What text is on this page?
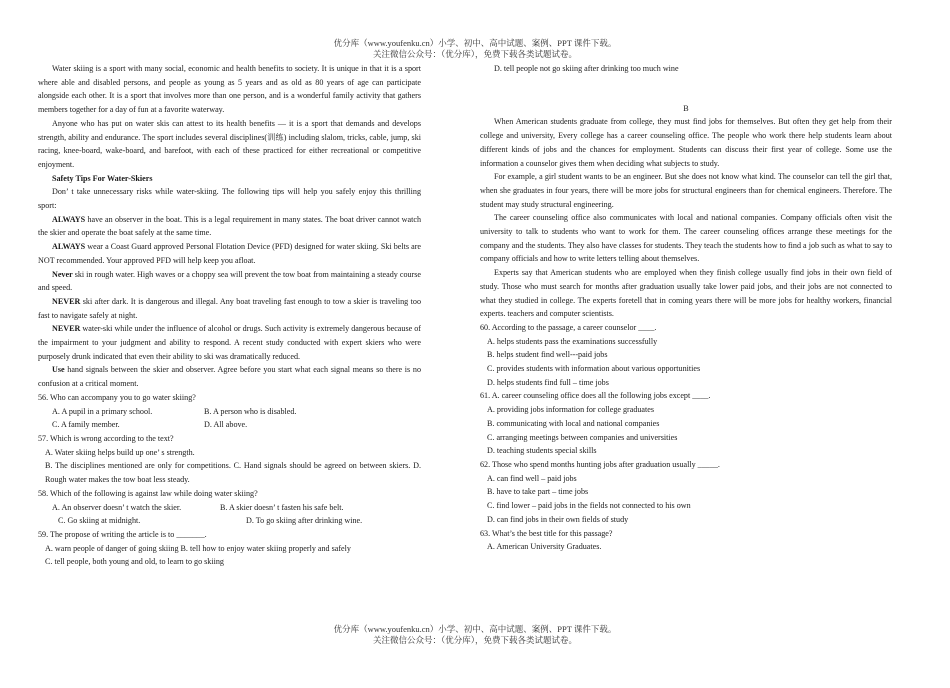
优分库（www.youfenku.cn）小学、初中、高中试题、案例、PPT 课件下载。
关注微信公众号：（优分库），免费下载各类试题试卷。

Water skiing is a sport with many social, economic and health benefits to society. It is unique in that it is a sport where able and disabled persons, and people as young as 5 years and as old as 80 years of age can participate alongside each other. It is a sport that involves more than one person, and is a wonderful family activity that gathers members together for a day of fun at a favorite waterway.

Anyone who has put on water skis can attest to its health benefits — it is a sport that demands and develops strength, ability and endurance. The sport includes several disciplines(训练) including slalom, tricks, cable, jump, ski racing, knee-board, wake-board, and barefoot, with each of these practiced for either recreational or competitive enjoyment.

Safety Tips For Water-Skiers

Don’ t take unnecessary risks while water-skiing. The following tips will help you safely enjoy this thrilling sport:

ALWAYS have an observer in the boat. This is a legal requirement in many states. The boat driver cannot watch the skier and operate the boat safely at the same time.

ALWAYS wear a Coast Guard approved Personal Flotation Device (PFD) designed for water skiing. Ski belts are NOT recommended. Your approved PFD will help keep you afloat.

Never ski in rough water. High waves or a choppy sea will prevent the tow boat from maintaining a steady course and speed.

NEVER ski after dark. It is dangerous and illegal. Any boat traveling fast enough to tow a skier is traveling too fast to navigate safely at night.

NEVER water-ski while under the influence of alcohol or drugs. Such activity is extremely dangerous because of the impairment to your judgment and ability to respond. A recent study conducted with expert skiers who were purposely drunk indicated that even their ability to ski was dramatically reduced.

Use hand signals between the skier and observer. Agree before you start what each signal means so there is no confusion at a critical moment.

56. Who can accompany you to go water skiing?

A. A pupil in a primary school.	B. A person who is disabled.
C. A family member.	D. All above.

57. Which is wrong according to the text?

A. Water skiing helps build up one’ s strength.

B. The disciplines mentioned are only for competitions. C. Hand signals should be agreed on between skiers. D. Rough water makes the tow boat less steady.

58. Which of the following is against law while doing water skiing?

A. An observer doesn’ t watch the skier.	B. A skier doesn’ t fasten his safe belt.
C. Go skiing at midnight.	D. To go skiing after drinking wine.

59. The propose of writing the article is to _______.

A. warn people of danger of going skiing B. tell how to enjoy water skiing properly and safely

C. tell people, both young and old, to learn to go skiing

D. tell people not go skiing after drinking too much wine

B

When American students graduate from college, they must find jobs for themselves. But often they get help from their college and university, Every college has a career counseling office. The people who work there help students learn about different kinds of jobs and the chances for employment. Students can discuss their first year of college. Some use the information a counselor gives them when deciding what subjects to study.

For example, a girl student wants to be an engineer. But she does not know what kind. The counselor can tell the girl that, when she graduates in four years, there will be more jobs for structural engineers than for chemical engineers. Therefore. The student may study structural engineering.

The career counseling office also communicates with local and national companies. Company officials often visit the university to talk to students who want to work for them. The career counseling offices arrange these meetings for the company and the students. They also have classes for students. They teach the students how to find a job such as what to say to company officials and how to write letters telling about themselves.

Experts say that American students who are employed when they finish college usually find jobs in their own field of study. Those who must search for months after graduation usually take lower paid jobs, and their jobs are not connected to what they studied in college. The experts foretell that in coming years there will be more jobs for healthy workers, financial experts. teachers and computer scientists.

60. According to the passage, a career counselor ____.

A. helps students pass the examinations successfully

B. helps student find well---paid jobs

C. provides students with information about various opportunities

D. helps students find full – time jobs

61. A. career counseling office does all the following jobs except ____.

A. providing jobs information for college graduates

B. communicating with local and national companies

C. arranging meetings between companies and universities

D. teaching students special skills

62. Those who spend months hunting jobs after graduation usually _____.

A. can find well – paid jobs

B. have to take part – time jobs

C. find lower – paid jobs in the fields not connected to his own

D. can find jobs in their own fields of study

63. What’s the best title for this passage?

A. American University Graduates.

优分库（www.youfenku.cn）小学、初中、高中试题、案例、PPT 课件下载。
关注微信公众号：（优分库），免费下载各类试题试卷。
